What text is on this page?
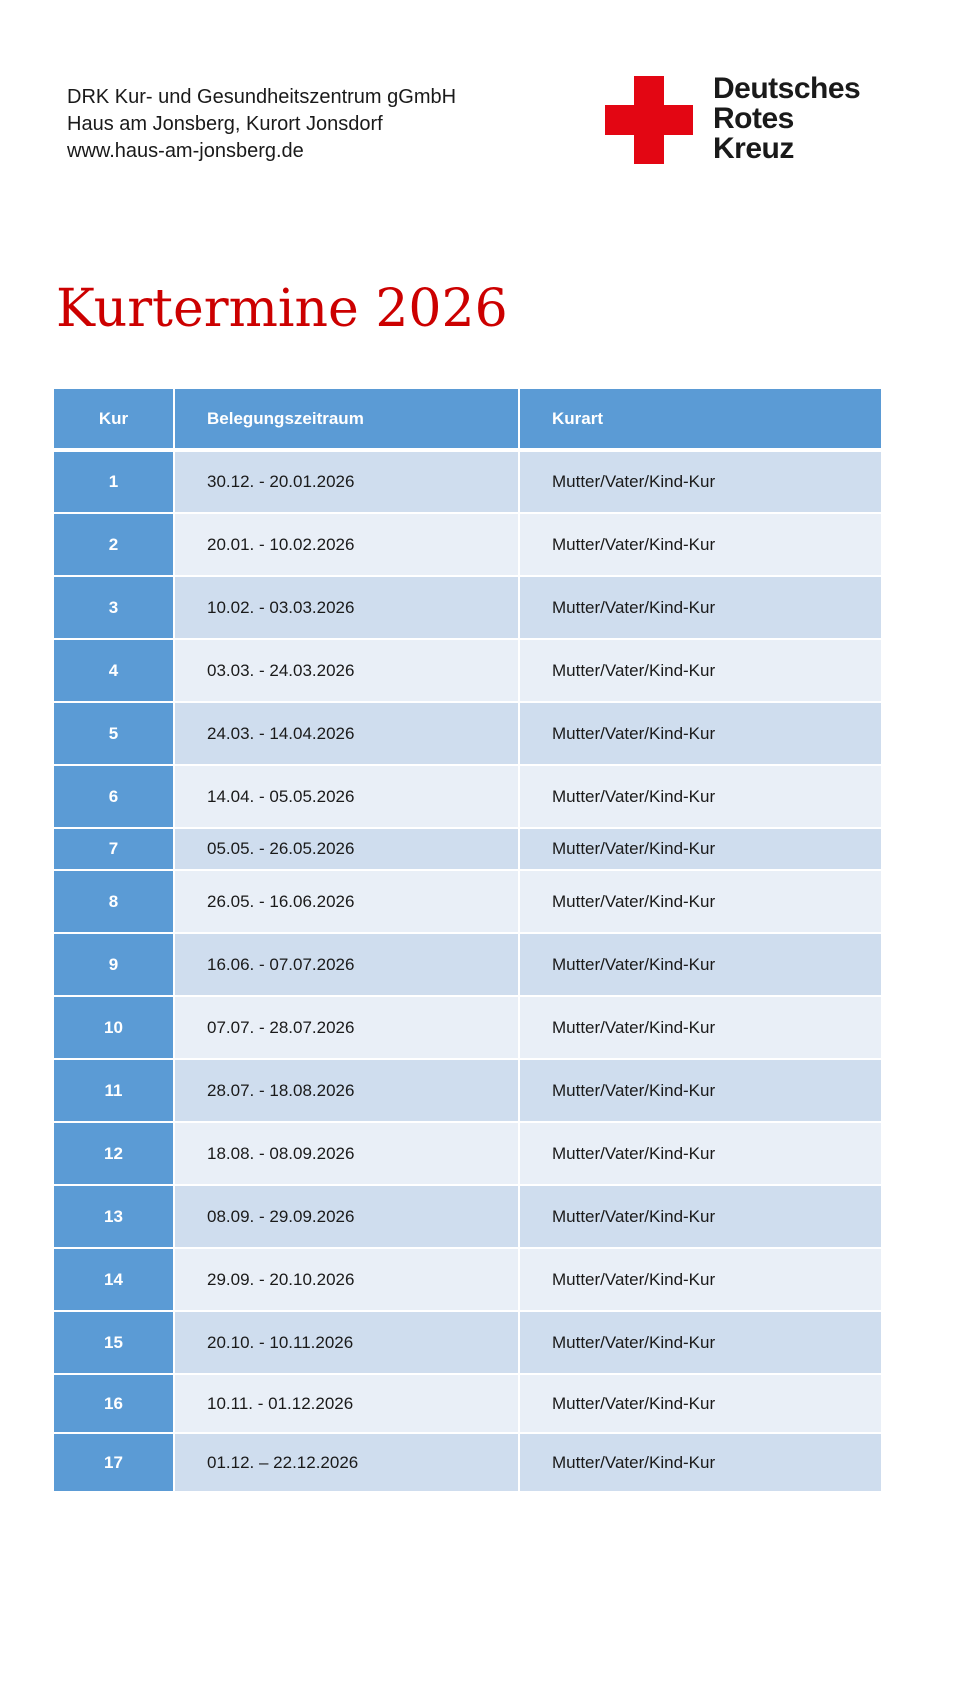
DRK Kur- und Gesundheitszentrum gGmbH
Haus am Jonsberg, Kurort Jonsdorf
www.haus-am-jonsberg.de
Deutsches
Rotes
Kreuz
Kurtermine 2026
Kur	Belegungszeitraum	Kurart
1	30.12. - 20.01.2026	Mutter/Vater/Kind-Kur
2	20.01. - 10.02.2026	Mutter/Vater/Kind-Kur
3	10.02. - 03.03.2026	Mutter/Vater/Kind-Kur
4	03.03. - 24.03.2026	Mutter/Vater/Kind-Kur
5	24.03. - 14.04.2026	Mutter/Vater/Kind-Kur
6	14.04. - 05.05.2026	Mutter/Vater/Kind-Kur
7	05.05. - 26.05.2026	Mutter/Vater/Kind-Kur
8	26.05. - 16.06.2026	Mutter/Vater/Kind-Kur
9	16.06. - 07.07.2026	Mutter/Vater/Kind-Kur
10	07.07. - 28.07.2026	Mutter/Vater/Kind-Kur
11	28.07. - 18.08.2026	Mutter/Vater/Kind-Kur
12	18.08. - 08.09.2026	Mutter/Vater/Kind-Kur
13	08.09. - 29.09.2026	Mutter/Vater/Kind-Kur
14	29.09. - 20.10.2026	Mutter/Vater/Kind-Kur
15	20.10. - 10.11.2026	Mutter/Vater/Kind-Kur
16	10.11. - 01.12.2026	Mutter/Vater/Kind-Kur
17	01.12. – 22.12.2026	Mutter/Vater/Kind-Kur
